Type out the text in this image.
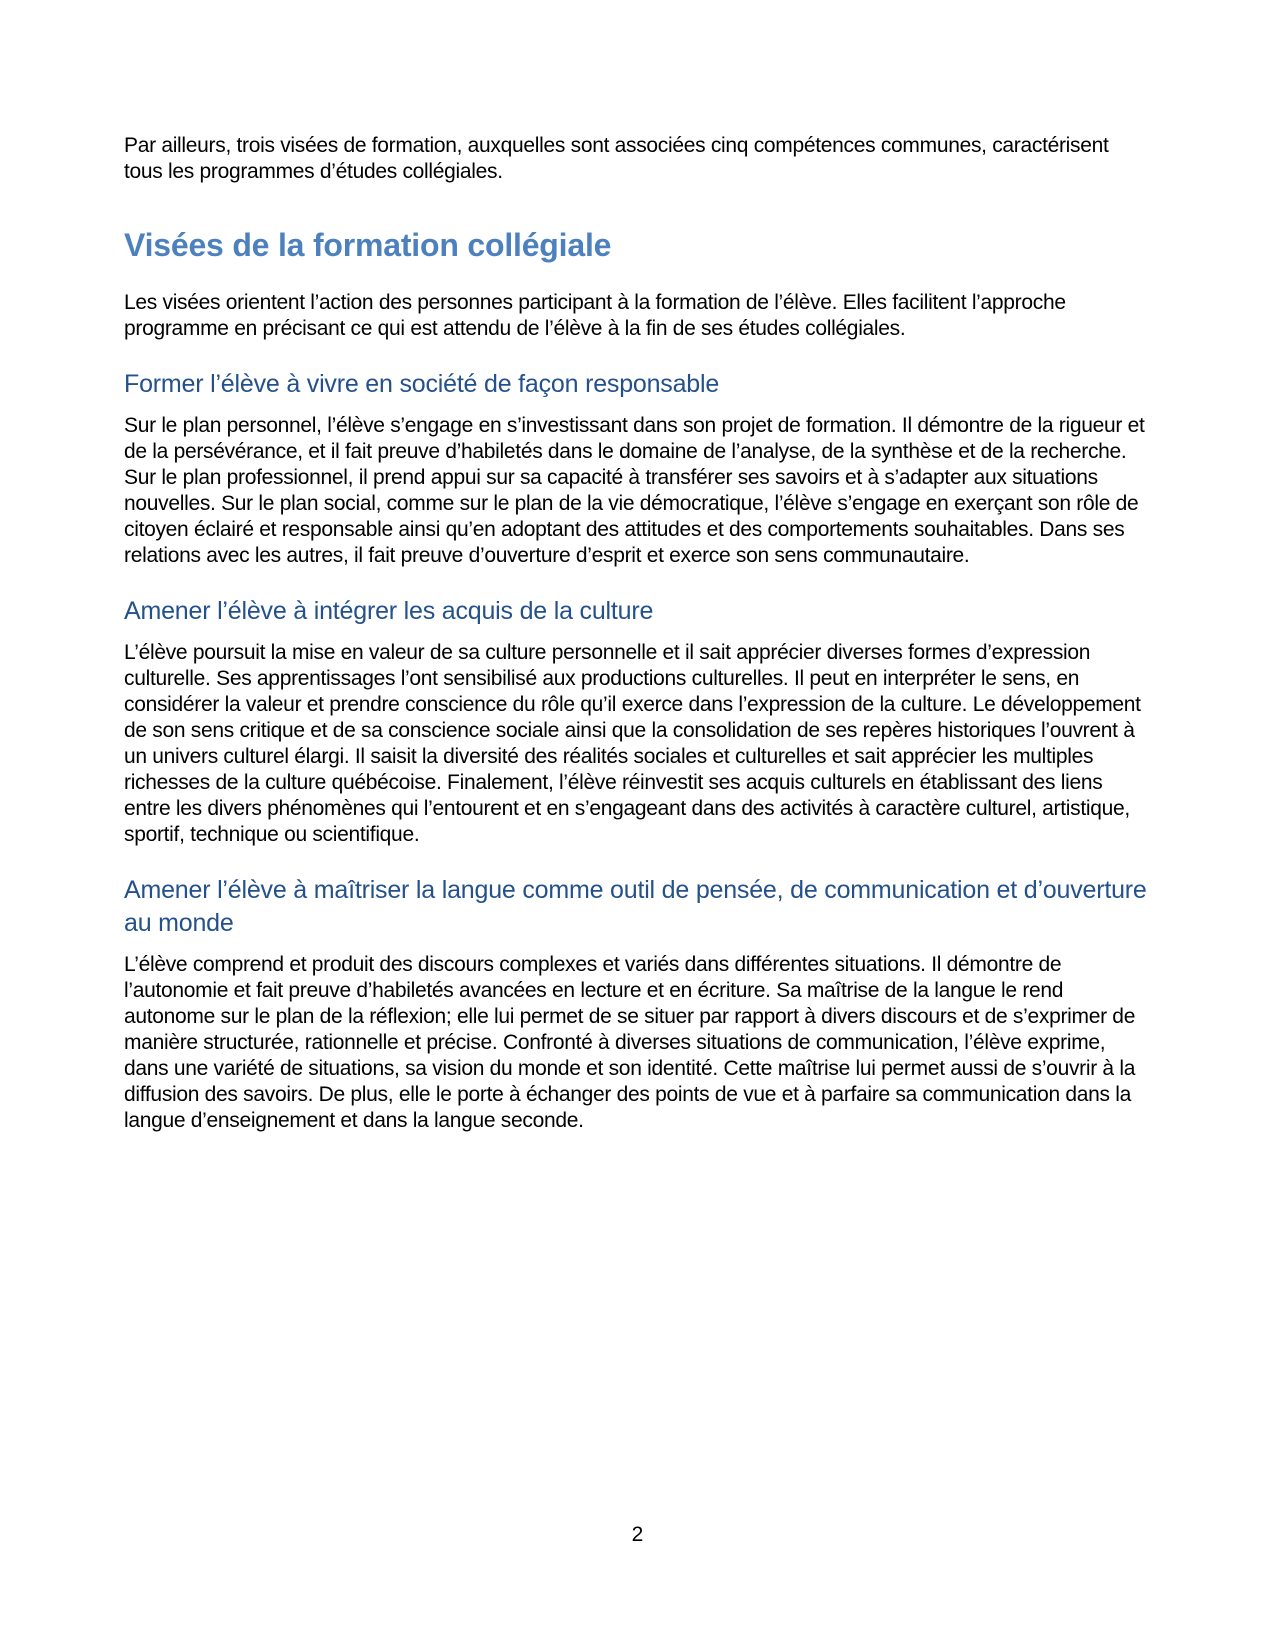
Par ailleurs, trois visées de formation, auxquelles sont associées cinq compétences communes, caractérisent tous les programmes d’études collégiales.

Visées de la formation collégiale

Les visées orientent l’action des personnes participant à la formation de l’élève. Elles facilitent l’approche programme en précisant ce qui est attendu de l’élève à la fin de ses études collégiales.

Former l’élève à vivre en société de façon responsable

Sur le plan personnel, l’élève s’engage en s’investissant dans son projet de formation. Il démontre de la rigueur et de la persévérance, et il fait preuve d’habiletés dans le domaine de l’analyse, de la synthèse et de la recherche. Sur le plan professionnel, il prend appui sur sa capacité à transférer ses savoirs et à s’adapter aux situations nouvelles. Sur le plan social, comme sur le plan de la vie démocratique, l’élève s’engage en exerçant son rôle de citoyen éclairé et responsable ainsi qu’en adoptant des attitudes et des comportements souhaitables. Dans ses relations avec les autres, il fait preuve d’ouverture d’esprit et exerce son sens communautaire.

Amener l’élève à intégrer les acquis de la culture

L’élève poursuit la mise en valeur de sa culture personnelle et il sait apprécier diverses formes d’expression culturelle. Ses apprentissages l’ont sensibilisé aux productions culturelles. Il peut en interpréter le sens, en considérer la valeur et prendre conscience du rôle qu’il exerce dans l’expression de la culture. Le développement de son sens critique et de sa conscience sociale ainsi que la consolidation de ses repères historiques l’ouvrent à un univers culturel élargi. Il saisit la diversité des réalités sociales et culturelles et sait apprécier les multiples richesses de la culture québécoise. Finalement, l’élève réinvestit ses acquis culturels en établissant des liens entre les divers phénomènes qui l’entourent et en s’engageant dans des activités à caractère culturel, artistique, sportif, technique ou scientifique.

Amener l’élève à maîtriser la langue comme outil de pensée, de communication et d’ouverture au monde

L’élève comprend et produit des discours complexes et variés dans différentes situations. Il démontre de l’autonomie et fait preuve d’habiletés avancées en lecture et en écriture. Sa maîtrise de la langue le rend autonome sur le plan de la réflexion; elle lui permet de se situer par rapport à divers discours et de s’exprimer de manière structurée, rationnelle et précise. Confronté à diverses situations de communication, l’élève exprime, dans une variété de situations, sa vision du monde et son identité. Cette maîtrise lui permet aussi de s’ouvrir à la diffusion des savoirs. De plus, elle le porte à échanger des points de vue et à parfaire sa communication dans la langue d’enseignement et dans la langue seconde.

2
